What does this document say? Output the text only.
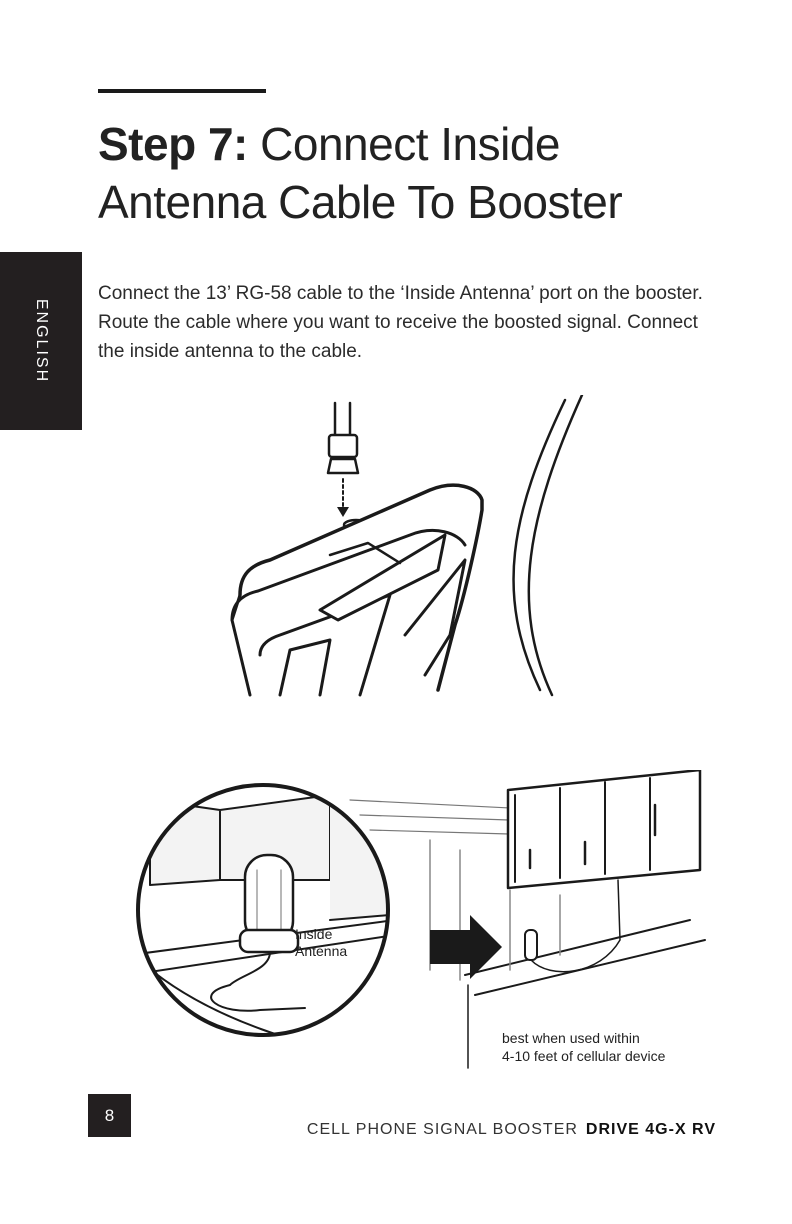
Step 7: Connect Inside
Antenna Cable To Booster
ENGLISH

Connect the 13’ RG-58 cable to the ‘Inside Antenna’ port on the booster. Route the cable where you want to receive the boosted signal. Connect the inside antenna to the cable.

Inside
Antenna
best when used within
4-10 feet of cellular device
8
CELL PHONE SIGNAL BOOSTER DRIVE 4G-X RV
